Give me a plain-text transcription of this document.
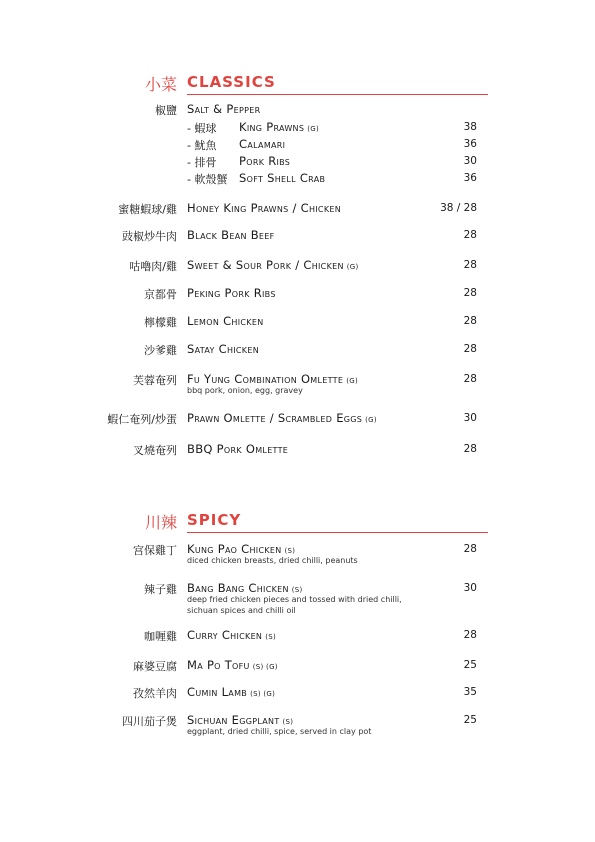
小菜 CLASSICS
椒鹽 Salt & Pepper
- 蝦球 King Prawns (G)	38
- 魷魚 Calamari	36
- 排骨 Pork Ribs	30
- 軟殼蟹 Soft Shell Crab	36
蜜糖蝦球/雞 Honey King Prawns / Chicken	38 / 28
豉椒炒牛肉 Black Bean Beef	28
咕嚕肉/雞 Sweet & Sour Pork / Chicken (G)	28
京都骨 Peking Pork Ribs	28
檸檬雞 Lemon Chicken	28
沙爹雞 Satay Chicken	28
芙蓉奄列 Fu Yung Combination Omlette (G)	28
bbq pork, onion, egg, gravey
蝦仁奄列/炒蛋 Prawn Omlette / Scrambled Eggs (G)	30
叉燒奄列 BBQ Pork Omlette	28
川辣 SPICY
宫保雞丁 Kung Pao Chicken (S)	28
diced chicken breasts, dried chilli, peanuts
辣子雞 Bang Bang Chicken (S)	30
deep fried chicken pieces and tossed with dried chilli,
sichuan spices and chilli oil
咖喱雞 Curry Chicken (S)	28
麻婆豆腐 Ma Po Tofu (S) (G)	25
孜然羊肉 Cumin Lamb (S) (G)	35
四川茄子煲 Sichuan Eggplant (S)	25
eggplant, dried chilli, spice, served in clay pot
